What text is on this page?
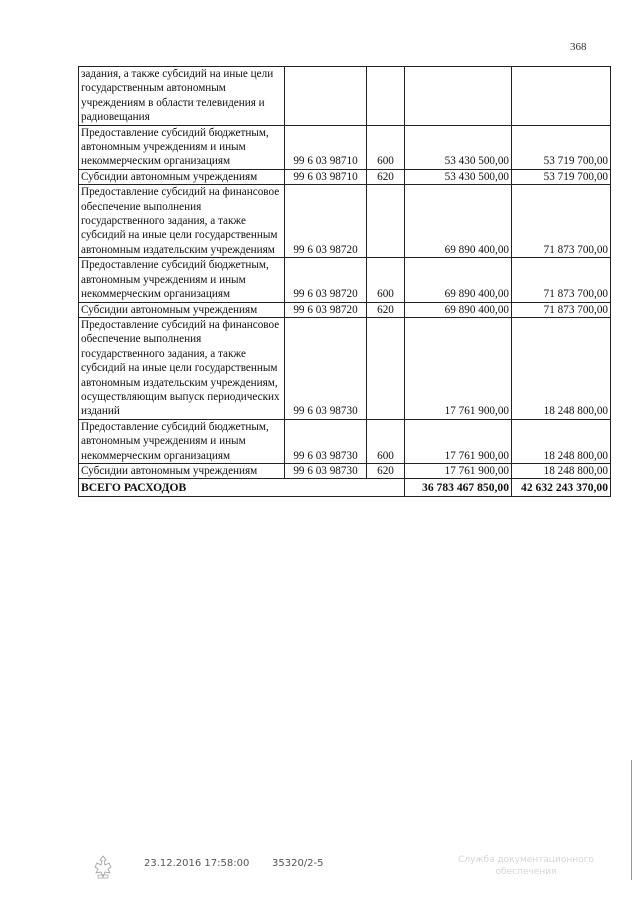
368
задания, а также субсидий на иные цели государственным автономным учреждениям в области телевидения и радиовещания				
Предоставление субсидий бюджетным, автономным учреждениям и иным некоммерческим организациям	99 6 03 98710	600	53 430 500,00	53 719 700,00
Субсидии автономным учреждениям	99 6 03 98710	620	53 430 500,00	53 719 700,00
Предоставление субсидий на финансовое обеспечение выполнения государственного задания, а также субсидий на иные цели государственным автономным издательским учреждениям	99 6 03 98720		69 890 400,00	71 873 700,00
Предоставление субсидий бюджетным, автономным учреждениям и иным некоммерческим организациям	99 6 03 98720	600	69 890 400,00	71 873 700,00
Субсидии автономным учреждениям	99 6 03 98720	620	69 890 400,00	71 873 700,00
Предоставление субсидий на финансовое обеспечение выполнения государственного задания, а также субсидий на иные цели государственным автономным издательским учреждениям, осуществляющим выпуск периодических изданий	99 6 03 98730		17 761 900,00	18 248 800,00
Предоставление субсидий бюджетным, автономным учреждениям и иным некоммерческим организациям	99 6 03 98730	600	17 761 900,00	18 248 800,00
Субсидии автономным учреждениям	99 6 03 98730	620	17 761 900,00	18 248 800,00
ВСЕГО РАСХОДОВ			36 783 467 850,00	42 632 243 370,00
23.12.2016 17:58:00 35320/2-5	Служба документационного
обеспечения
